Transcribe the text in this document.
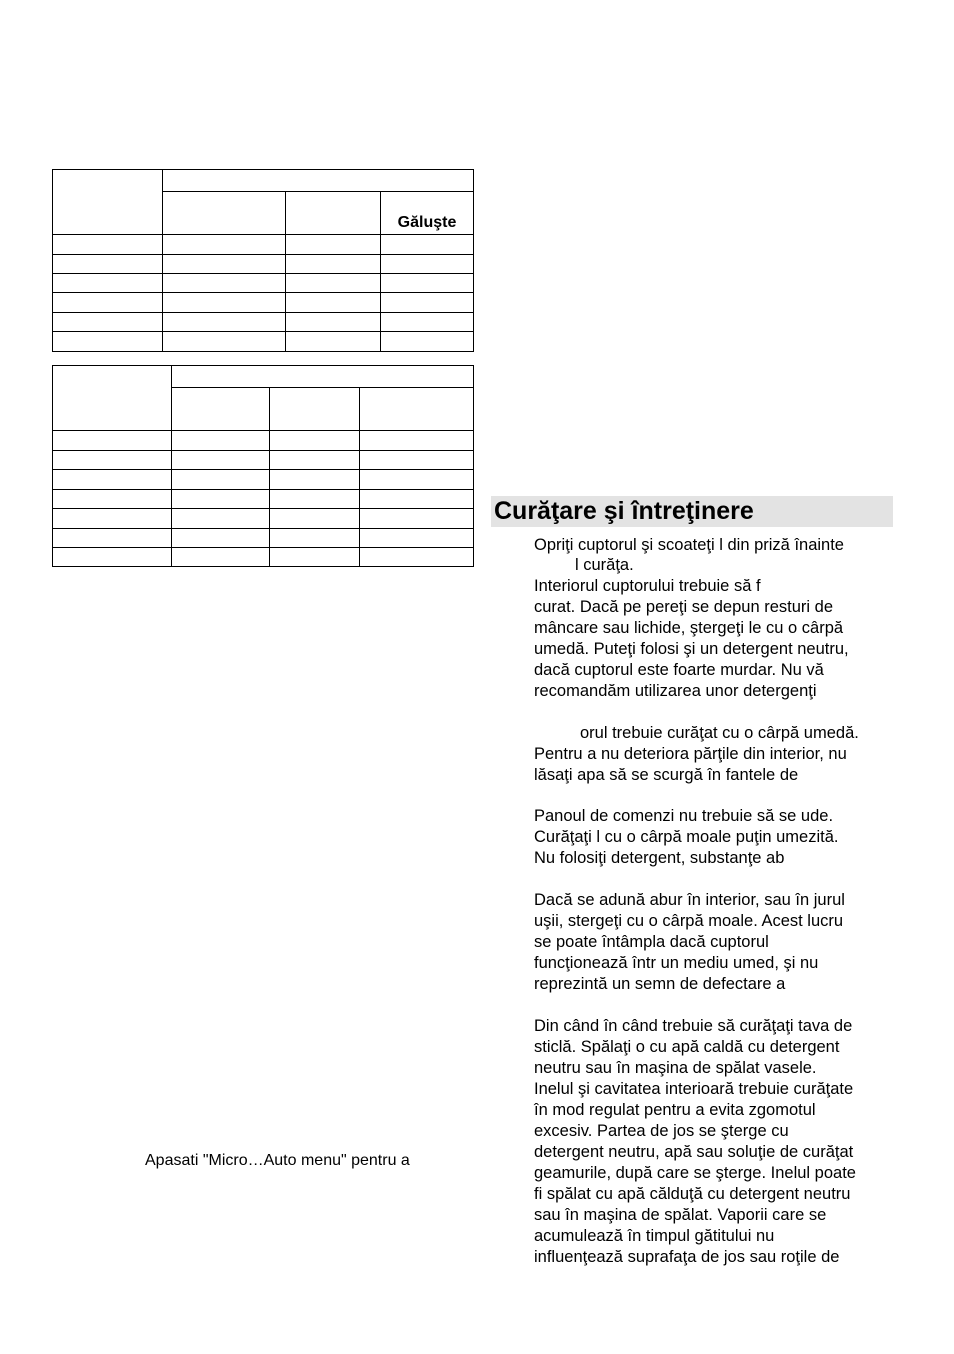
			Găluşte

Apasati "Micro…Auto menu" pentru a
Curăţare şi întreţinere
Opriţi cuptorul şi scoateţi l din priză înainte
l curăţa.
Interiorul cuptorului trebuie să f
curat. Dacă pe pereţi se depun resturi de
mâncare sau lichide, ştergeţi le cu o cârpă
umedă. Puteţi folosi şi un detergent neutru,
dacă cuptorul este foarte murdar. Nu vă
recomandăm utilizarea unor detergenţi
orul trebuie curăţat cu o cârpă umedă.
Pentru a nu deteriora părţile din interior, nu
lăsaţi apa să se scurgă în fantele de
Panoul de comenzi nu trebuie să se ude.
Curăţaţi l cu o cârpă moale puţin umezită.
Nu folosiţi detergent, substanţe ab
Dacă se adună abur în interior, sau în jurul
uşii, stergeţi cu o cârpă moale. Acest lucru
se poate întâmpla dacă cuptorul
funcţionează într un mediu umed, şi nu
reprezintă un semn de defectare a
Din când în când trebuie să curăţaţi tava de
sticlă. Spălaţi o cu apă caldă cu detergent
neutru sau în maşina de spălat vasele.
Inelul şi cavitatea interioară trebuie curăţate
în mod regulat pentru a evita zgomotul
excesiv. Partea de jos se şterge cu
detergent neutru, apă sau soluţie de curăţat
geamurile, după care se şterge. Inelul poate
fi spălat cu apă călduţă cu detergent neutru
sau în maşina de spălat. Vaporii care se
acumulează în timpul gătitului nu
influenţează suprafaţa de jos sau roţile de
